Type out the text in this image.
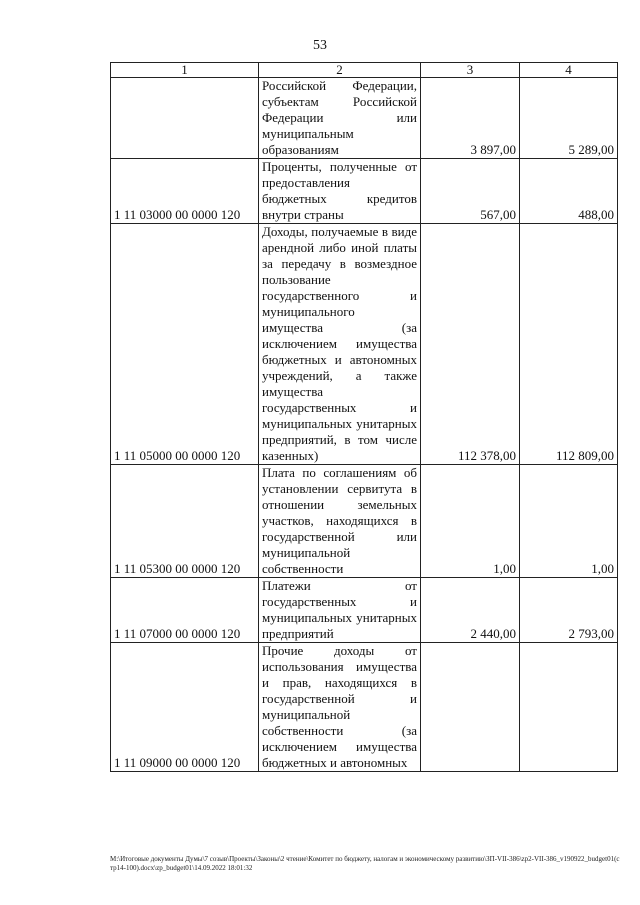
53
1	2	3	4
	Российской Федерации, субъектам Российской Федерации или муниципальным образованиям	3 897,00	5 289,00
1 11 03000 00 0000 120	Проценты, полученные от предоставления бюджетных кредитов внутри страны	567,00	488,00
1 11 05000 00 0000 120	Доходы, получаемые в виде арендной либо иной платы за передачу в возмездное пользование государственного и муниципального имущества (за исключением имущества бюджетных и автономных учреждений, а также имущества государственных и муниципальных унитарных предприятий, в том числе казенных)	112 378,00	112 809,00
1 11 05300 00 0000 120	Плата по соглашениям об установлении сервитута в отношении земельных участков, находящихся в государственной или муниципальной собственности	1,00	1,00
1 11 07000 00 0000 120	Платежи от государственных и муниципальных унитарных предприятий	2 440,00	2 793,00
1 11 09000 00 0000 120	Прочие доходы от использования имущества и прав, находящихся в государственной и муниципальной собственности (за исключением имущества бюджетных и автономных		
M:\Итоговые документы Думы\7 созыв\Проекты\Законы\2 чтение\Комитет по бюджету, налогам и экономическому развитию\ЗП-VII-386\zp2-VII-386_v190922_budget01(стр14-100).docx\zp_budget01\14.09.2022 18:01:32
